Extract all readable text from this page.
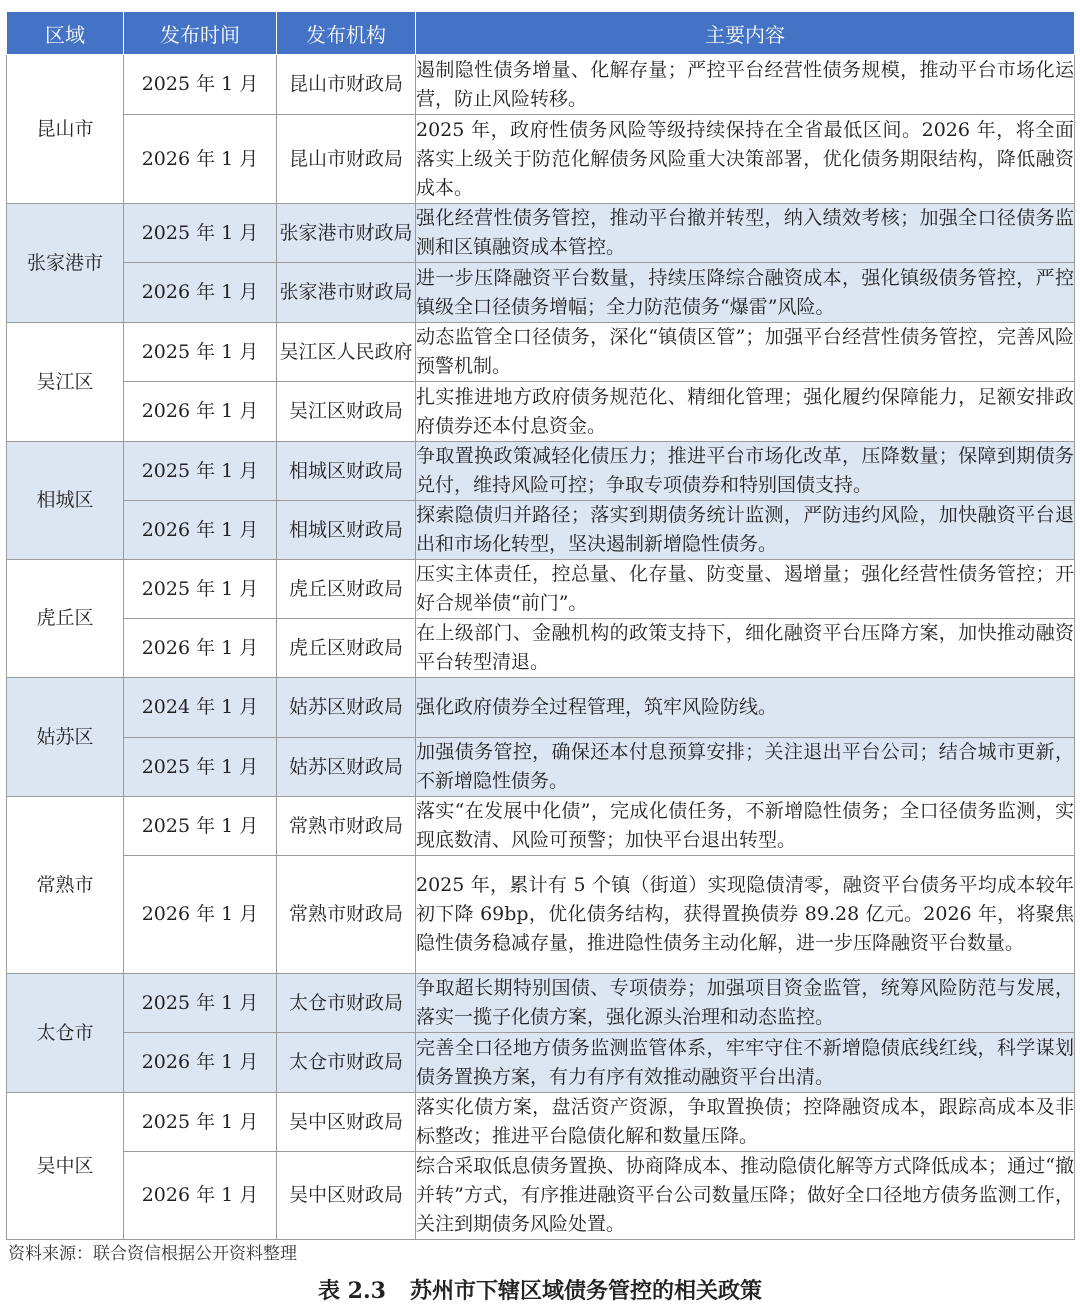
区域	发布时间	发布机构	主要内容
昆山市	2025 年 1 月	昆山市财政局	遏制隐性债务增量、化解存量；严控平台经营性债务规模，推动平台市场化运营，防止风险转移。
	2026 年 1 月	昆山市财政局	2025 年，政府性债务风险等级持续保持在全省最低区间。2026 年，将全面落实上级关于防范化解债务风险重大决策部署，优化债务期限结构，降低融资成本。
张家港市	2025 年 1 月	张家港市财政局	强化经营性债务管控，推动平台撤并转型，纳入绩效考核；加强全口径债务监测和区镇融资成本管控。
	2026 年 1 月	张家港市财政局	进一步压降融资平台数量，持续压降综合融资成本，强化镇级债务管控，严控镇级全口径债务增幅；全力防范债务“爆雷”风险。
吴江区	2025 年 1 月	吴江区人民政府	动态监管全口径债务，深化“镇债区管”；加强平台经营性债务管控，完善风险预警机制。
	2026 年 1 月	吴江区财政局	扎实推进地方政府债务规范化、精细化管理；强化履约保障能力，足额安排政府债券还本付息资金。
相城区	2025 年 1 月	相城区财政局	争取置换政策减轻化债压力；推进平台市场化改革，压降数量；保障到期债务兑付，维持风险可控；争取专项债券和特别国债支持。
	2026 年 1 月	相城区财政局	探索隐债归并路径；落实到期债务统计监测，严防违约风险，加快融资平台退出和市场化转型，坚决遏制新增隐性债务。
虎丘区	2025 年 1 月	虎丘区财政局	压实主体责任，控总量、化存量、防变量、遏增量；强化经营性债务管控；开好合规举债“前门”。
	2026 年 1 月	虎丘区财政局	在上级部门、金融机构的政策支持下，细化融资平台压降方案，加快推动融资平台转型清退。
姑苏区	2024 年 1 月	姑苏区财政局	强化政府债券全过程管理，筑牢风险防线。
	2025 年 1 月	姑苏区财政局	加强债务管控，确保还本付息预算安排；关注退出平台公司；结合城市更新，不新增隐性债务。
常熟市	2025 年 1 月	常熟市财政局	落实“在发展中化债”，完成化债任务，不新增隐性债务；全口径债务监测，实现底数清、风险可预警；加快平台退出转型。
	2026 年 1 月	常熟市财政局	2025 年，累计有 5 个镇（街道）实现隐债清零，融资平台债务平均成本较年初下降 69bp，优化债务结构，获得置换债券 89.28 亿元。2026 年，将聚焦隐性债务稳减存量，推进隐性债务主动化解，进一步压降融资平台数量。
太仓市	2025 年 1 月	太仓市财政局	争取超长期特别国债、专项债券；加强项目资金监管，统筹风险防范与发展，落实一揽子化债方案，强化源头治理和动态监控。
	2026 年 1 月	太仓市财政局	完善全口径地方债务监测监管体系，牢牢守住不新增隐债底线红线，科学谋划债务置换方案，有力有序有效推动融资平台出清。
吴中区	2025 年 1 月	吴中区财政局	落实化债方案，盘活资产资源，争取置换债；控降融资成本，跟踪高成本及非标整改；推进平台隐债化解和数量压降。
	2026 年 1 月	吴中区财政局	综合采取低息债务置换、协商降成本、推动隐债化解等方式降低成本；通过“撤并转”方式，有序推进融资平台公司数量压降；做好全口径地方债务监测工作，关注到期债务风险处置。
资料来源：联合资信根据公开资料整理
表 2.3 苏州市下辖区域债务管控的相关政策
